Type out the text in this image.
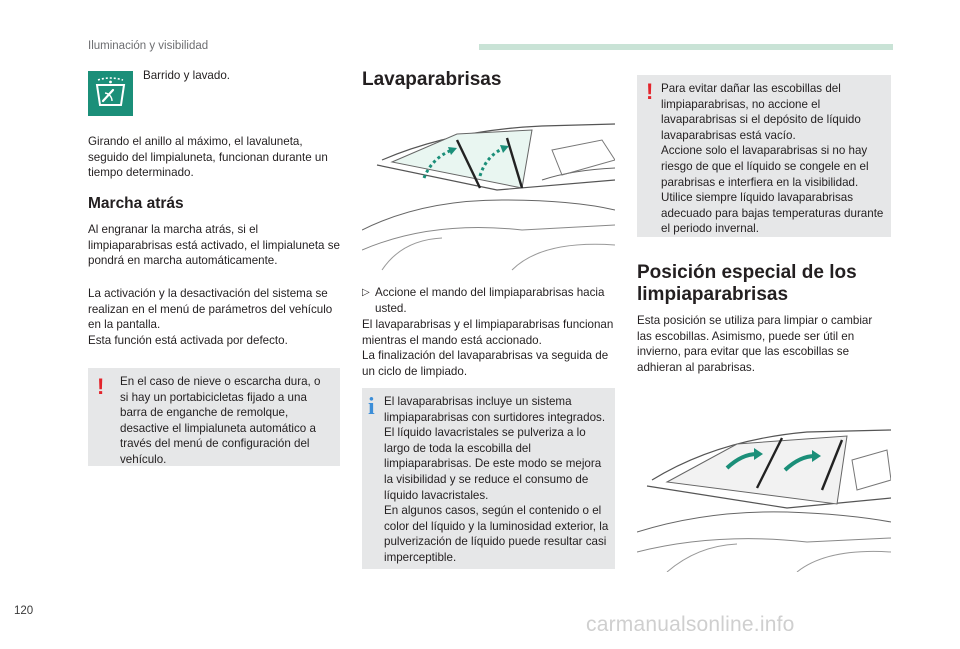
Iluminación y visibilidad
Barrido y lavado.

Girando el anillo al máximo, el lavaluneta, seguido del limpialuneta, funcionan durante un tiempo determinado.

Marcha atrás

Al engranar la marcha atrás, si el limpiaparabrisas está activado, el limpialuneta se pondrá en marcha automáticamente.

La activación y la desactivación del sistema se realizan en el menú de parámetros del vehículo en la pantalla.

Esta función está activada por defecto.

! En el caso de nieve o escarcha dura, o si hay un portabicicletas fijado a una barra de enganche de remolque, desactive el limpialuneta automático a través del menú de configuración del vehículo.
Lavaparabrisas
▷ Accione el mando del limpiaparabrisas hacia usted.

El lavaparabrisas y el limpiaparabrisas funcionan mientras el mando está accionado.

La finalización del lavaparabrisas va seguida de un ciclo de limpiado.

i El lavaparabrisas incluye un sistema limpiaparabrisas con surtidores integrados.

El líquido lavacristales se pulveriza a lo largo de toda la escobilla del limpiaparabrisas. De este modo se mejora la visibilidad y se reduce el consumo de líquido lavacristales.

En algunos casos, según el contenido o el color del líquido y la luminosidad exterior, la pulverización de líquido puede resultar casi imperceptible.

! Para evitar dañar las escobillas del limpiaparabrisas, no accione el lavaparabrisas si el depósito de líquido lavaparabrisas está vacío.

Accione solo el lavaparabrisas si no hay riesgo de que el líquido se congele en el parabrisas e interfiera en la visibilidad. Utilice siempre líquido lavaparabrisas adecuado para bajas temperaturas durante el periodo invernal.

Posición especial de los
limpiaparabrisas

Esta posición se utiliza para limpiar o cambiar las escobillas. Asimismo, puede ser útil en invierno, para evitar que las escobillas se adhieran al parabrisas.

120
carmanualsonline.info
